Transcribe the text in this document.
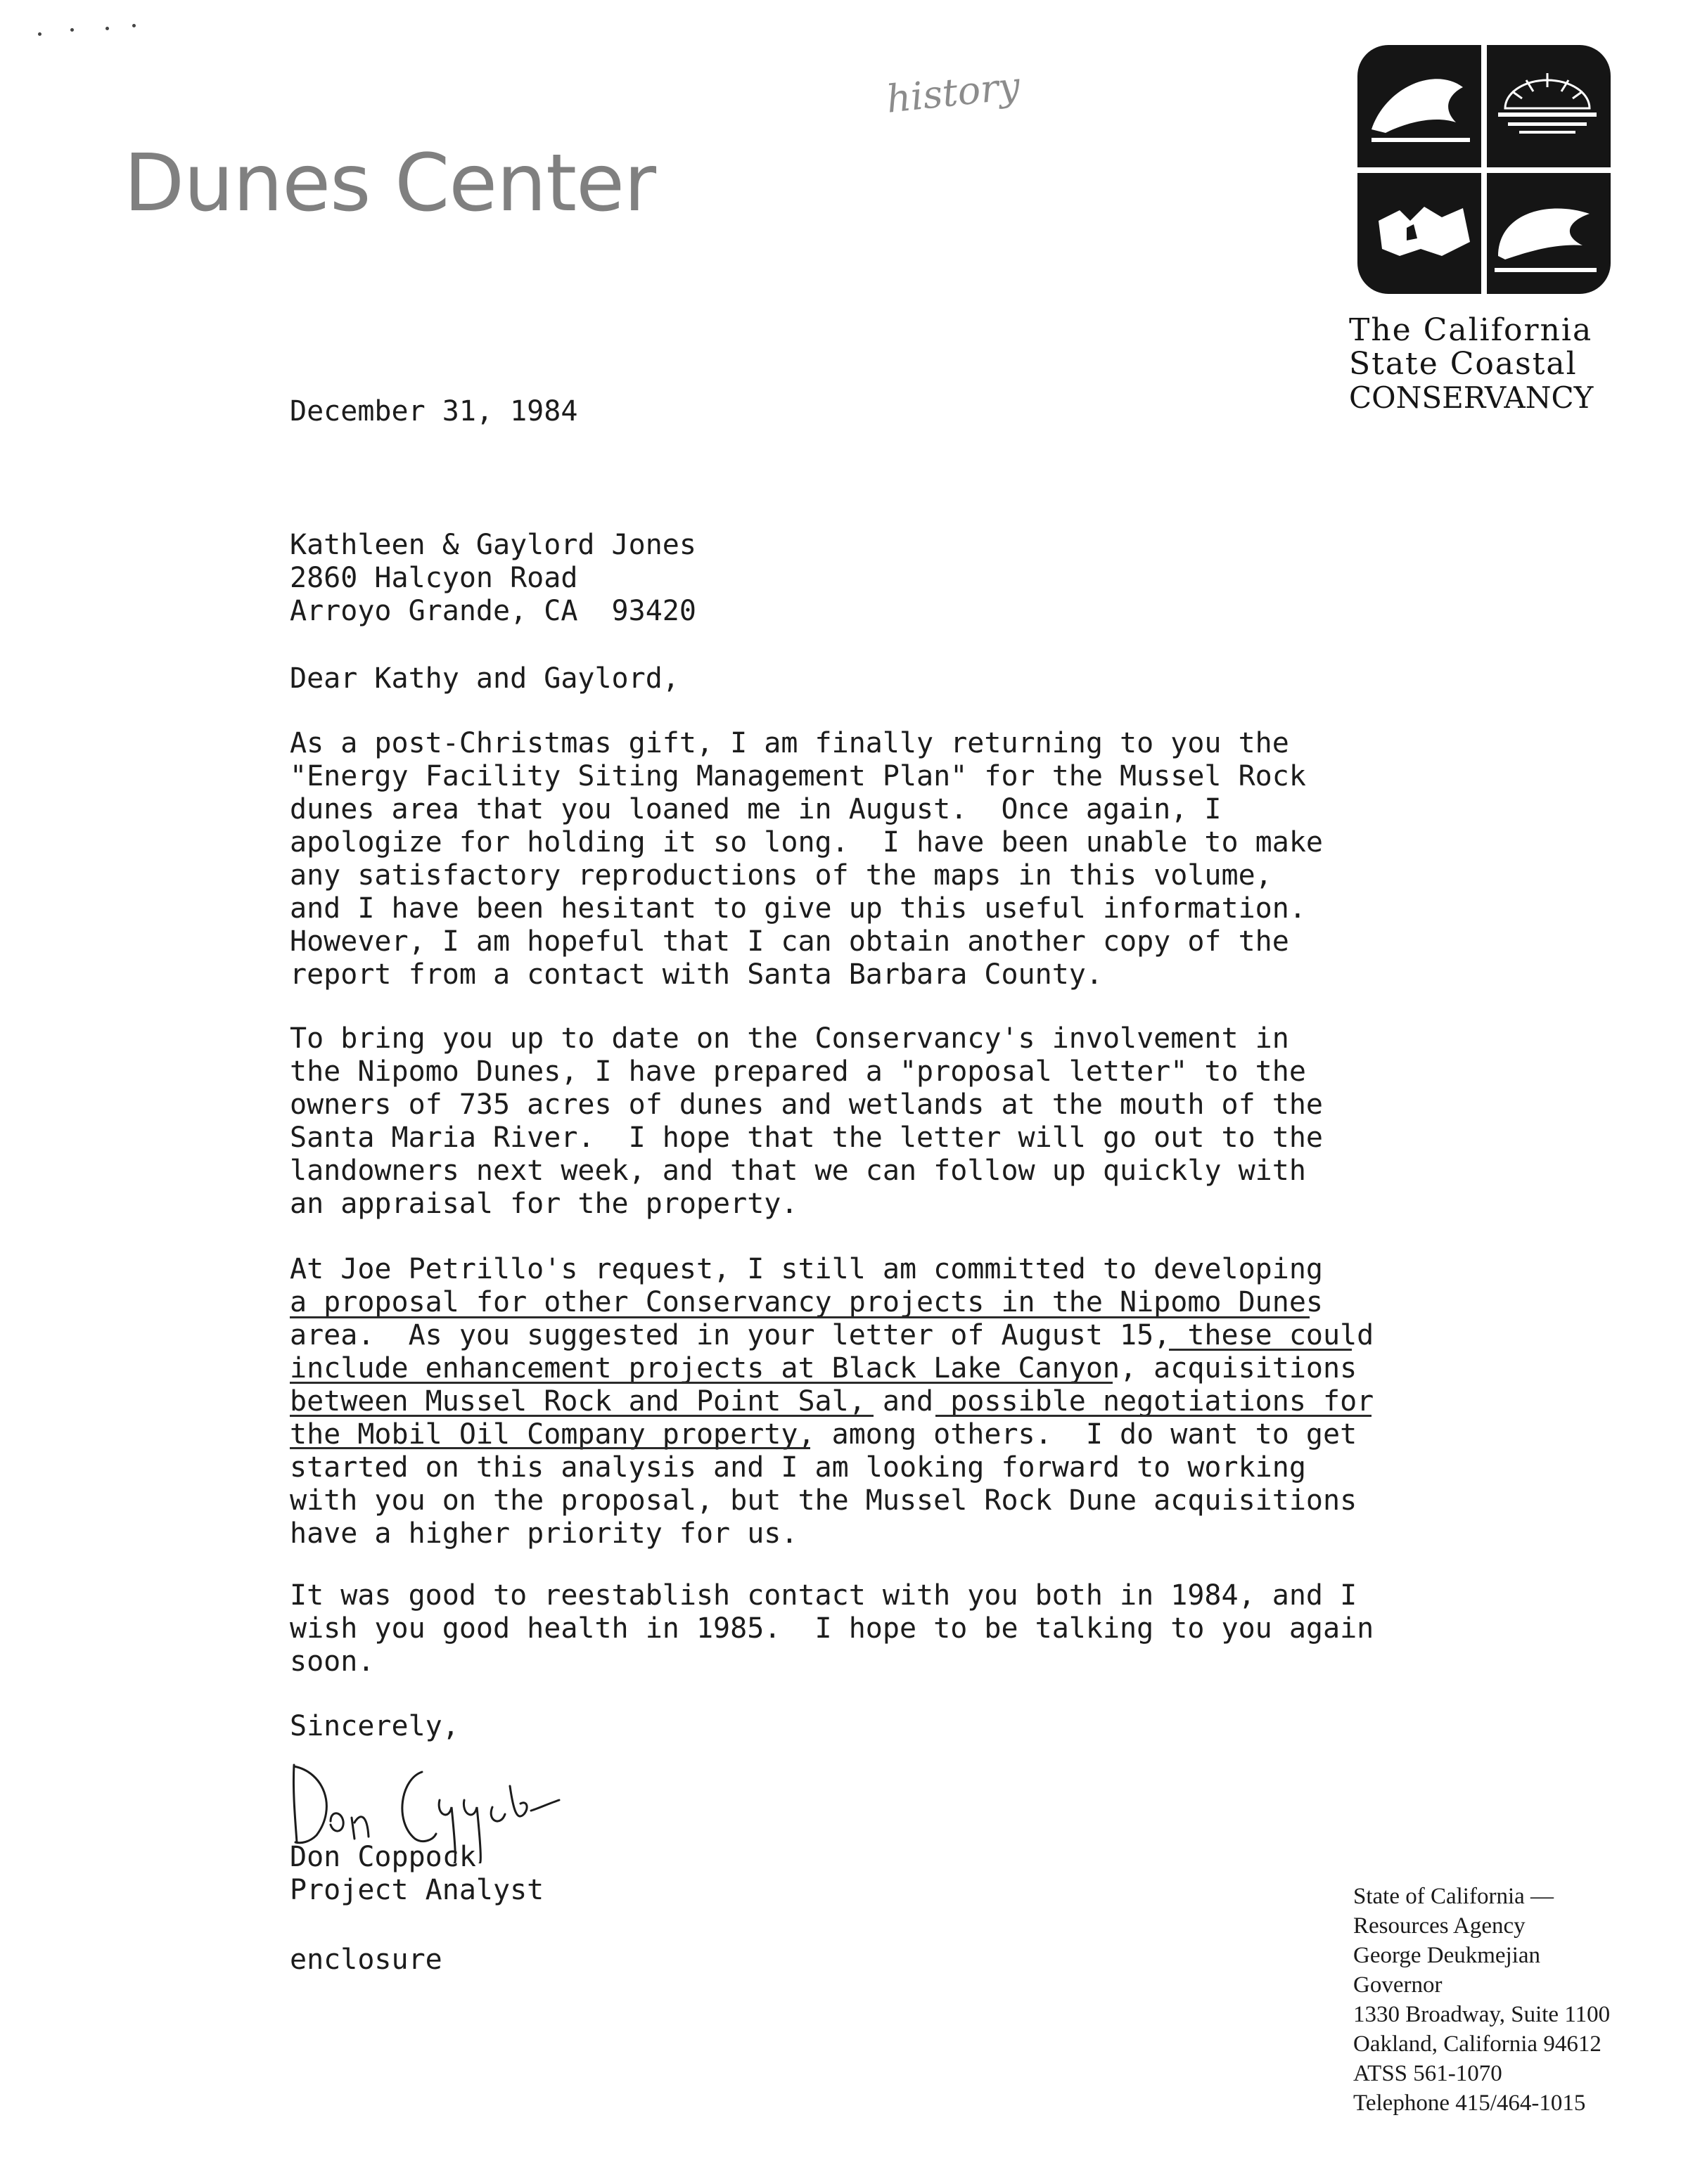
Dunes Center
history
The California
State Coastal
CONSERVANCY
December 31, 1984
Kathleen & Gaylord Jones
2860 Halcyon Road
Arroyo Grande, CA  93420
Dear Kathy and Gaylord,
As a post-Christmas gift, I am finally returning to you the
"Energy Facility Siting Management Plan" for the Mussel Rock
dunes area that you loaned me in August.  Once again, I
apologize for holding it so long.  I have been unable to make
any satisfactory reproductions of the maps in this volume,
and I have been hesitant to give up this useful information.
However, I am hopeful that I can obtain another copy of the
report from a contact with Santa Barbara County.
To bring you up to date on the Conservancy's involvement in
the Nipomo Dunes, I have prepared a "proposal letter" to the
owners of 735 acres of dunes and wetlands at the mouth of the
Santa Maria River.  I hope that the letter will go out to the
landowners next week, and that we can follow up quickly with
an appraisal for the property.
At Joe Petrillo's request, I still am committed to developing
a proposal for other Conservancy projects in the Nipomo Dunes
area.  As you suggested in your letter of August 15, these could
include enhancement projects at Black Lake Canyon, acquisitions
between Mussel Rock and Point Sal, and possible negotiations for
the Mobil Oil Company property, among others.  I do want to get
started on this analysis and I am looking forward to working
with you on the proposal, but the Mussel Rock Dune acquisitions
have a higher priority for us.
It was good to reestablish contact with you both in 1984, and I
wish you good health in 1985.  I hope to be talking to you again
soon.
Sincerely,
Don Coppock
Project Analyst
enclosure
State of California —
Resources Agency
George Deukmejian
Governor
1330 Broadway, Suite 1100
Oakland, California 94612
ATSS 561-1070
Telephone 415/464-1015
